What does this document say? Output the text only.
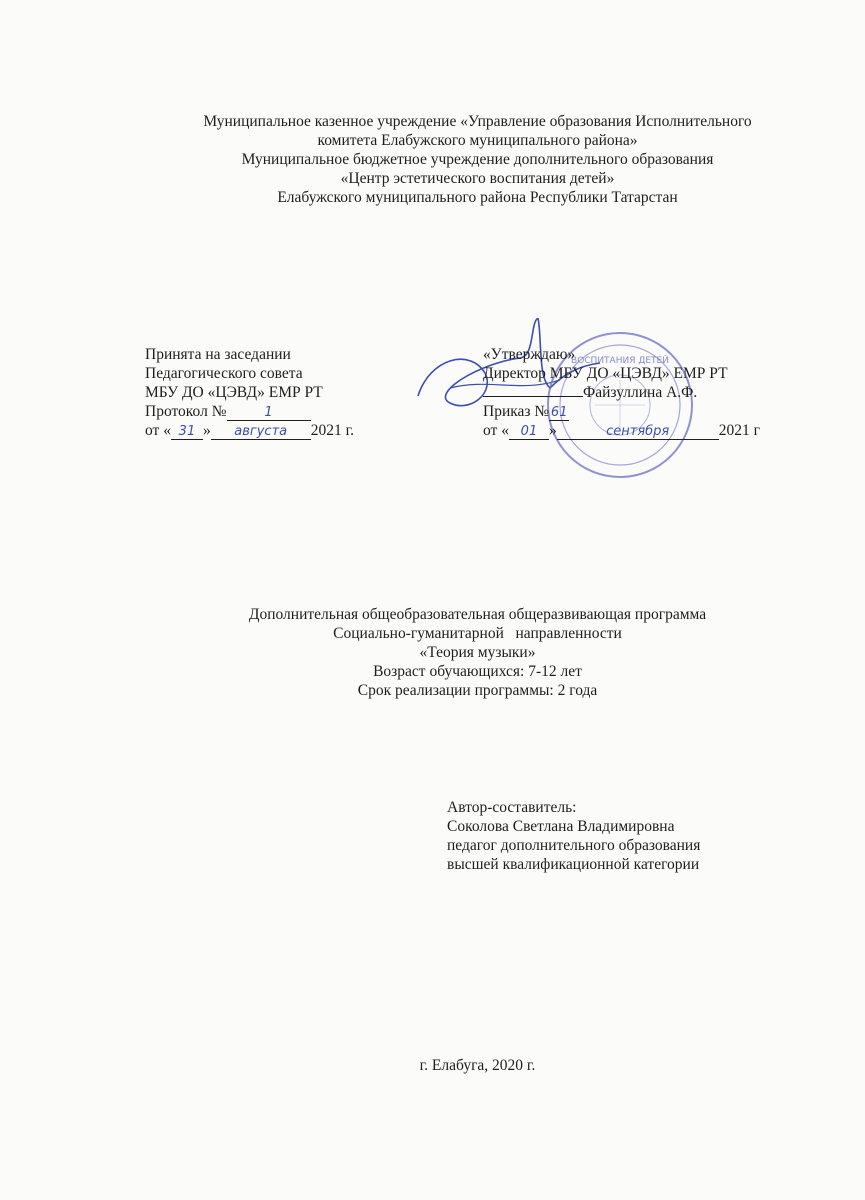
Муниципальное казенное учреждение «Управление образования Исполнительного
комитета Елабужского муниципального района»
Муниципальное бюджетное учреждение дополнительного образования
«Центр эстетического воспитания детей»
Елабужского муниципального района Республики Татарстан
ВОСПИТАНИЯ ДЕТЕЙ
Принята на заседании
Педагогического совета
МБУ ДО «ЦЭВД» ЕМР РТ
Протокол №	1
от « 31 » августа 2021 г.
«Утверждаю»
Директор МБУ ДО «ЦЭВД» ЕМР РТ
Файзуллина А.Ф.
Приказ № 61
от « 01 »	сентября	2021 г
Дополнительная общеобразовательная общеразвивающая программа
Социально-гуманитарной   направленности
«Теория музыки»
Возраст обучающихся: 7-12 лет
Срок реализации программы: 2 года
Автор-составитель:
Соколова Светлана Владимировна
педагог дополнительного образования
высшей квалификационной категории
г. Елабуга, 2020 г.
